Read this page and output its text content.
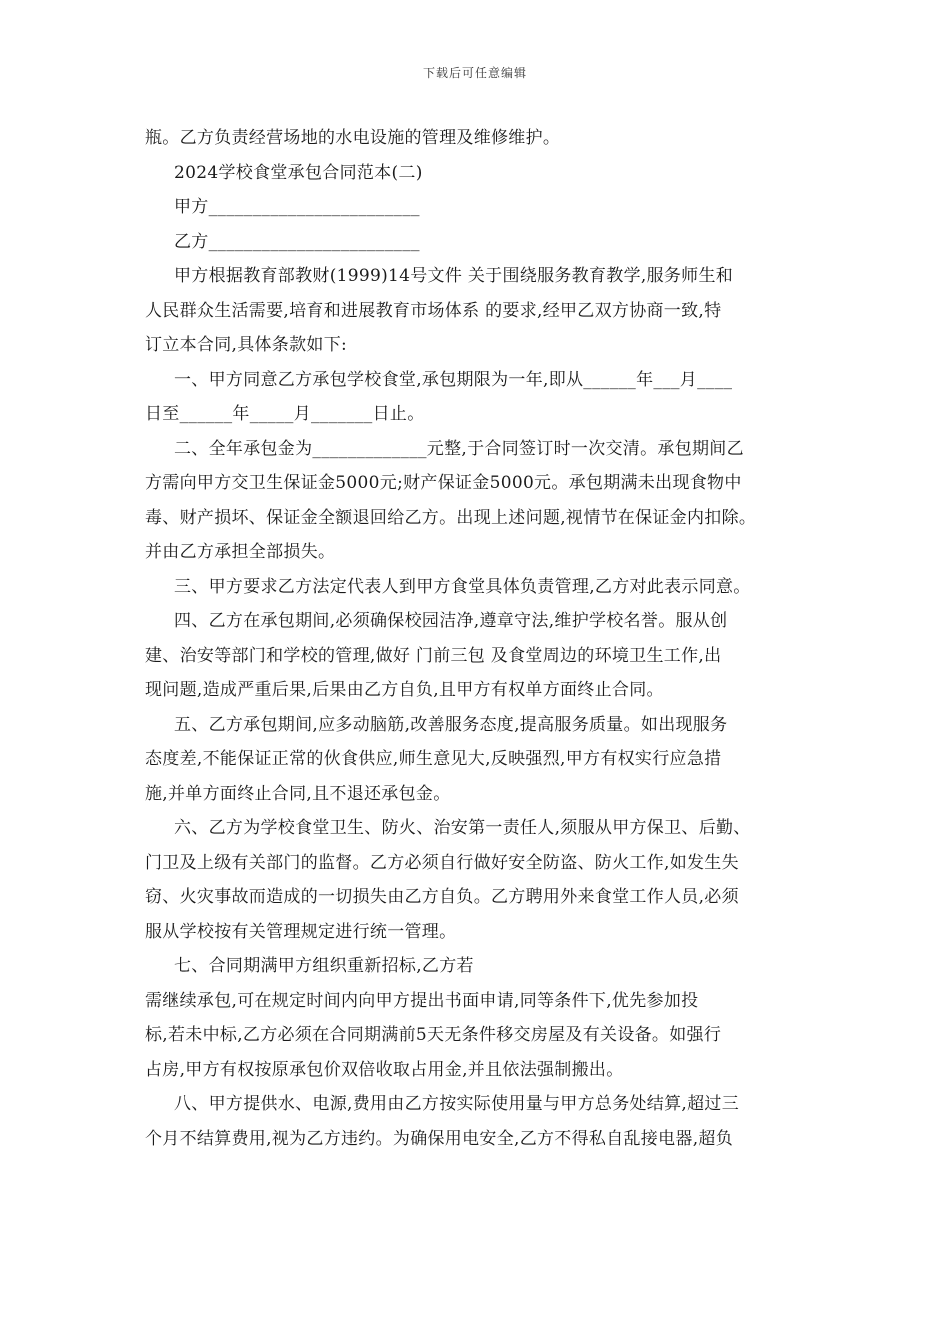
下载后可任意编辑
瓶。乙方负责经营场地的水电设施的管理及维修维护。
2024学校食堂承包合同范本(二)
甲方________________________
乙方________________________
甲方根据教育部教财(1999)14号文件 关于围绕服务教育教学,服务师生和
人民群众生活需要,培育和进展教育市场体系 的要求,经甲乙双方协商一致,特
订立本合同,具体条款如下:
一、甲方同意乙方承包学校食堂,承包期限为一年,即从______年___月____
日至______年_____月_______日止。
二、全年承包金为_____________元整,于合同签订时一次交清。承包期间乙
方需向甲方交卫生保证金5000元;财产保证金5000元。承包期满未出现食物中
毒、财产损坏、保证金全额退回给乙方。出现上述问题,视情节在保证金内扣除。
并由乙方承担全部损失。
三、甲方要求乙方法定代表人到甲方食堂具体负责管理,乙方对此表示同意。
四、乙方在承包期间,必须确保校园洁净,遵章守法,维护学校名誉。服从创
建、治安等部门和学校的管理,做好 门前三包 及食堂周边的环境卫生工作,出
现问题,造成严重后果,后果由乙方自负,且甲方有权单方面终止合同。
五、乙方承包期间,应多动脑筋,改善服务态度,提高服务质量。如出现服务
态度差,不能保证正常的伙食供应,师生意见大,反映强烈,甲方有权实行应急措
施,并单方面终止合同,且不退还承包金。
六、乙方为学校食堂卫生、防火、治安第一责任人,须服从甲方保卫、后勤、
门卫及上级有关部门的监督。乙方必须自行做好安全防盗、防火工作,如发生失
窃、火灾事故而造成的一切损失由乙方自负。乙方聘用外来食堂工作人员,必须
服从学校按有关管理规定进行统一管理。
七、合同期满甲方组织重新招标,乙方若
需继续承包,可在规定时间内向甲方提出书面申请,同等条件下,优先参加投
标,若未中标,乙方必须在合同期满前5天无条件移交房屋及有关设备。如强行
占房,甲方有权按原承包价双倍收取占用金,并且依法强制搬出。
八、甲方提供水、电源,费用由乙方按实际使用量与甲方总务处结算,超过三
个月不结算费用,视为乙方违约。为确保用电安全,乙方不得私自乱接电器,超负
